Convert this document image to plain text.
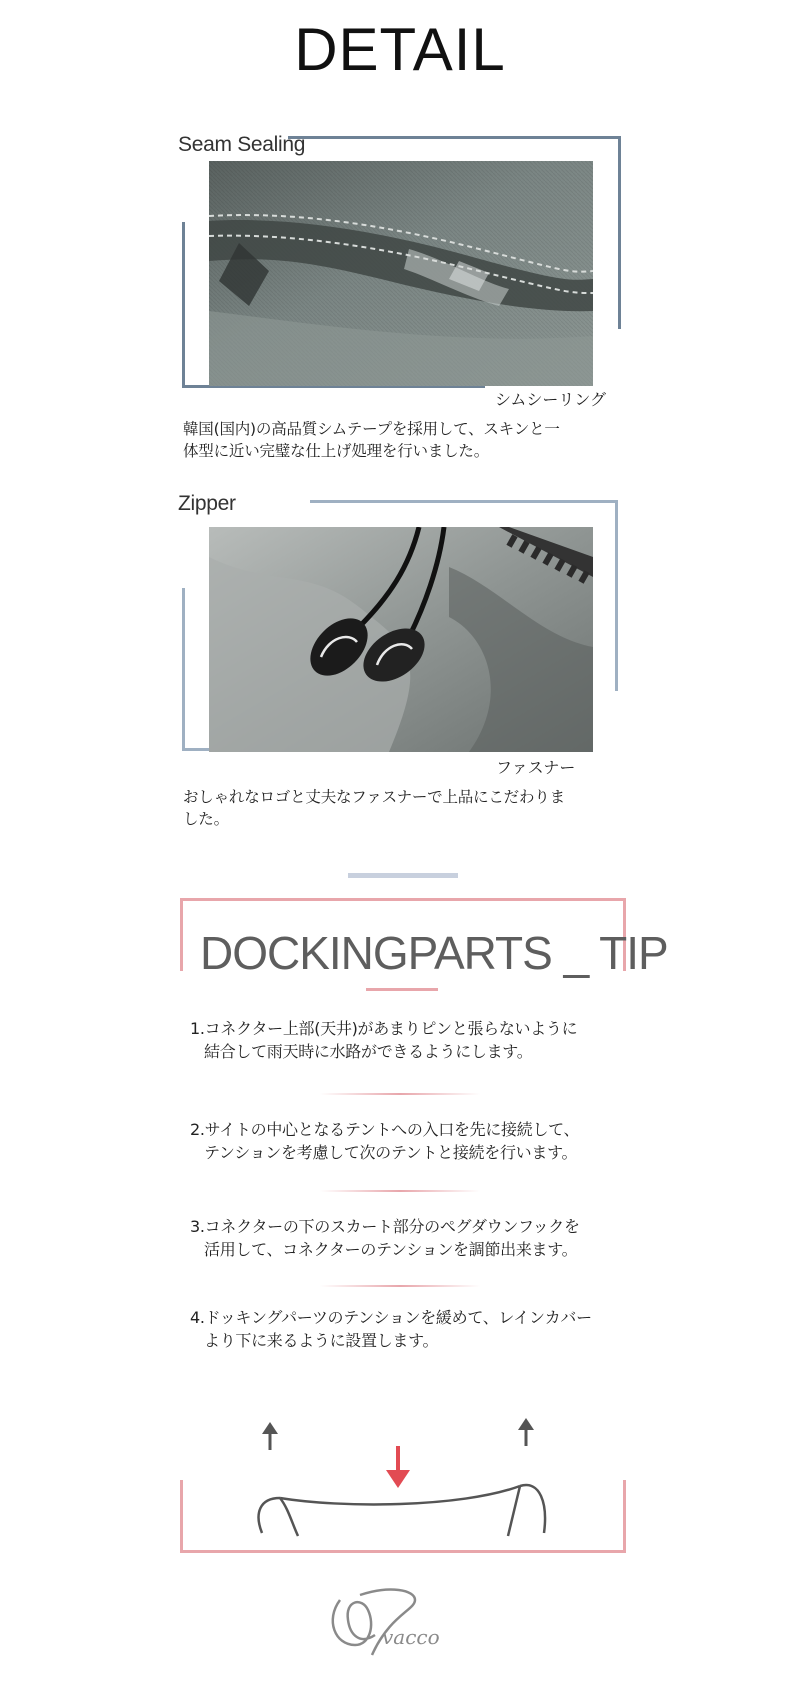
DETAIL
Seam Sealing
シムシーリング
韓国(国内)の高品質シムテープを採用して、スキンと一
体型に近い完璧な仕上げ処理を行いました。
Zipper
ファスナー
おしゃれなロゴと丈夫なファスナーで上品にこだわりま
した。
DOCKINGPARTS _ TIP
1.コネクター上部(天井)があまりピンと張らないように
結合して雨天時に水路ができるようにします。
2.サイトの中心となるテントへの入口を先に接続して、
テンションを考慮して次のテントと接続を行います。
3.コネクターの下のスカート部分のペグダウンフックを
活用して、コネクターのテンションを調節出来ます。
4.ドッキングパーツのテンションを緩めて、レインカバー
より下に来るように設置します。
vacco
